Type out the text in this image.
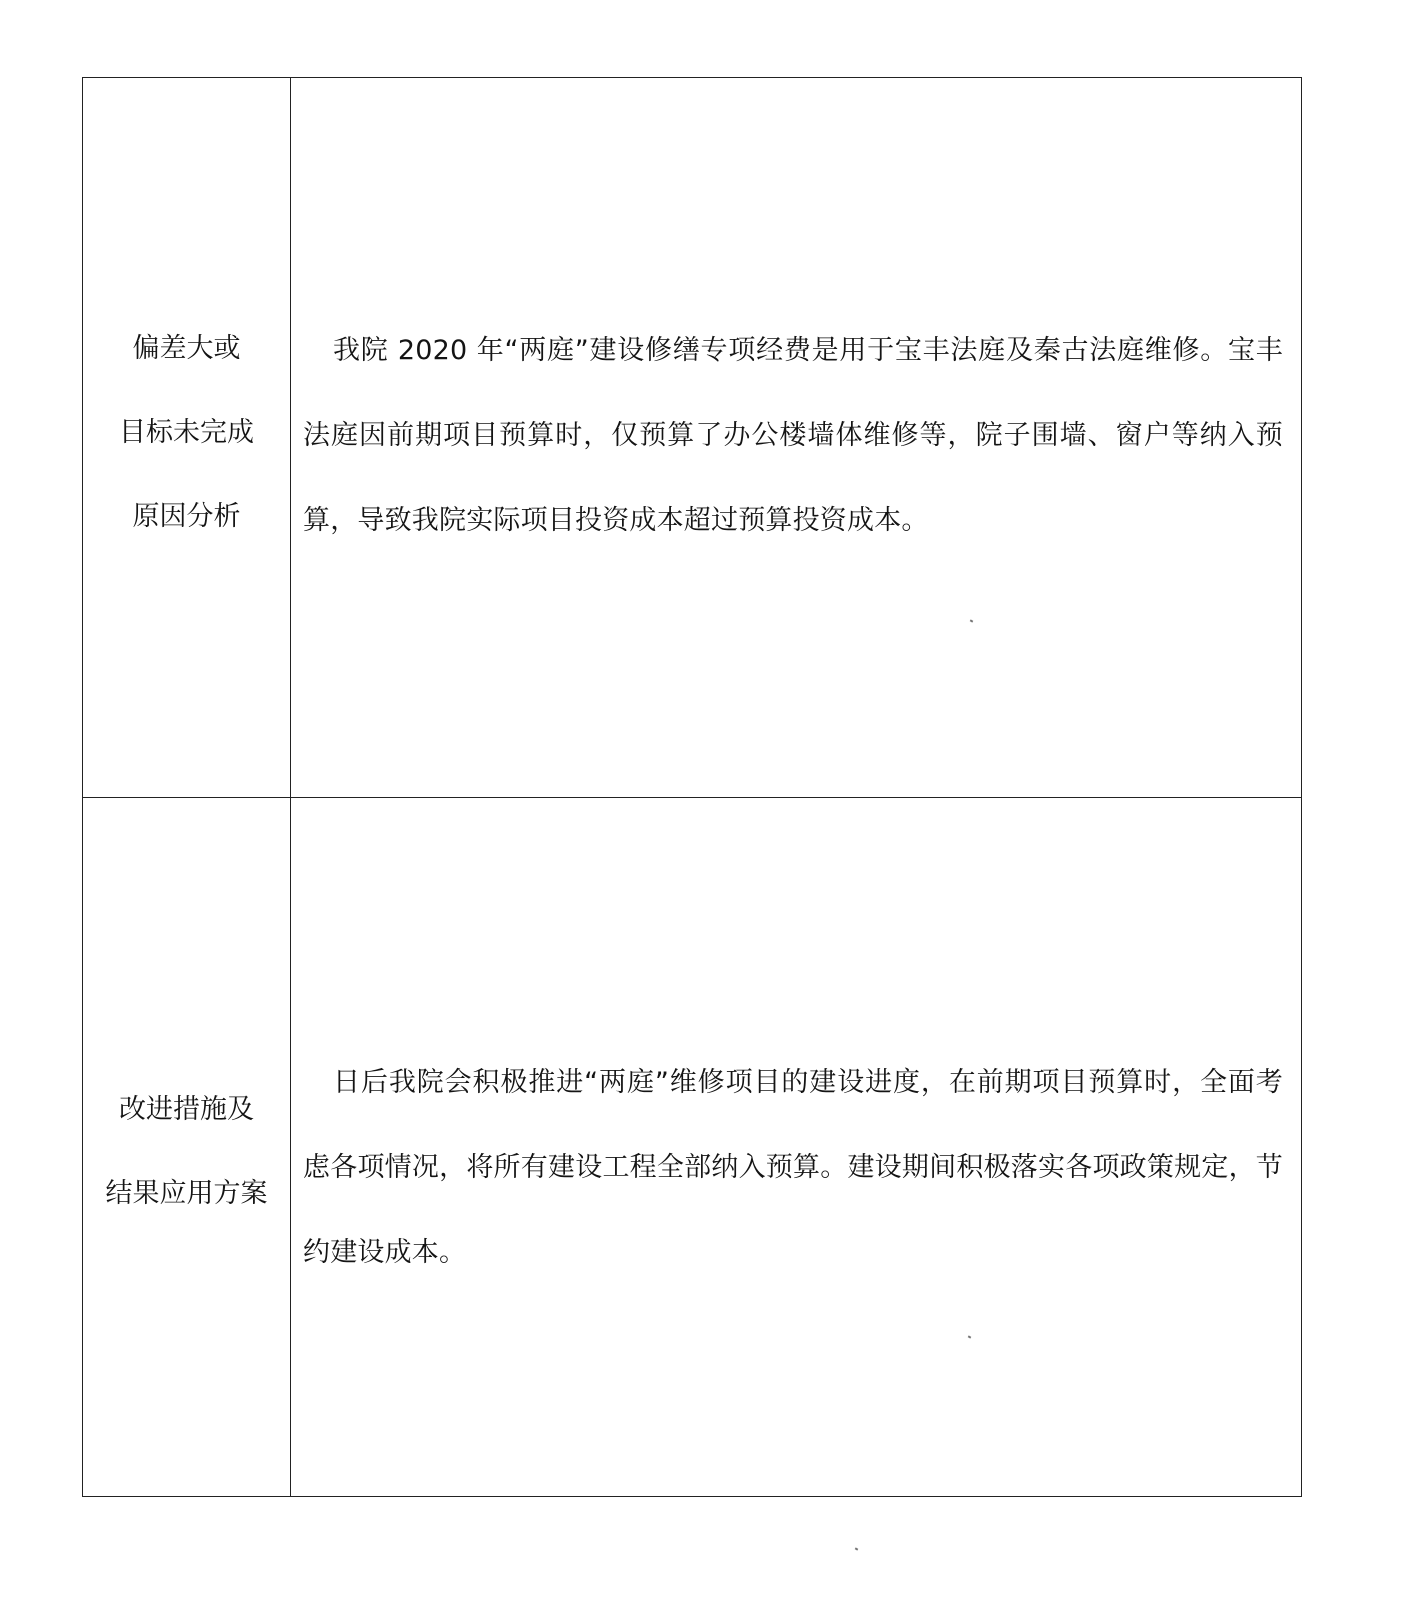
偏差大或
目标未完成
原因分析
我院 2020 年“两庭”建设修缮专项经费是用于宝丰法庭及秦古法庭维修。宝丰法庭因前期项目预算时，仅预算了办公楼墙体维修等，院子围墙、窗户等纳入预算，导致我院实际项目投资成本超过预算投资成本。
改进措施及
结果应用方案
日后我院会积极推进“两庭”维修项目的建设进度，在前期项目预算时，全面考虑各项情况，将所有建设工程全部纳入预算。建设期间积极落实各项政策规定，节约建设成本。
